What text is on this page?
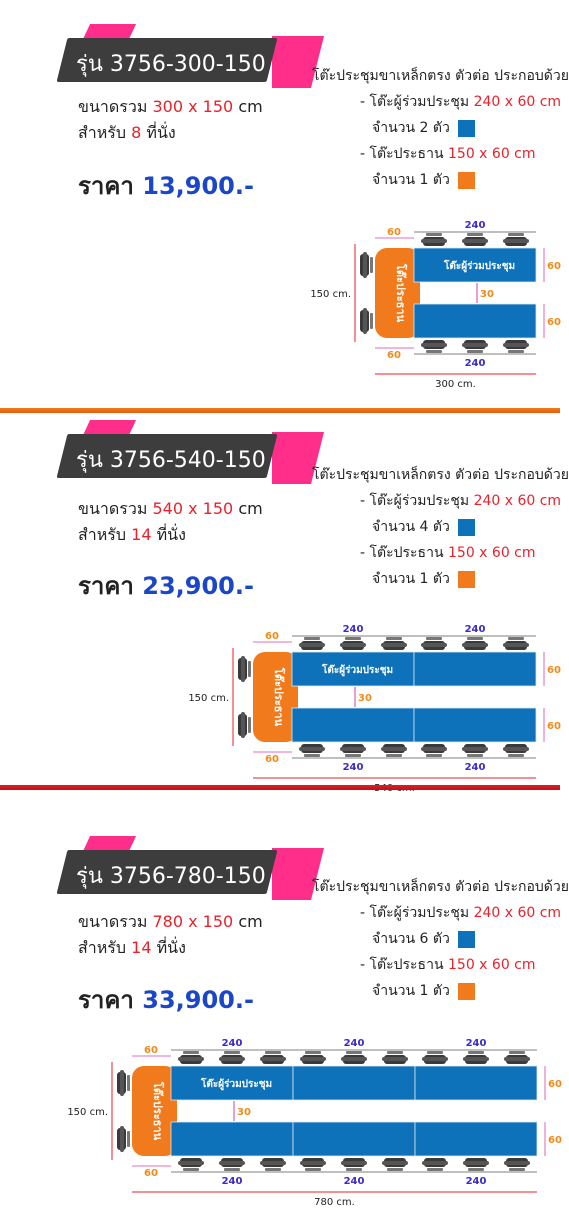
รุ่น 3756-300-150
ขนาดรวม 300 x 150 cm
สำหรับ 8 ที่นั่ง
ราคา 13,900.-
โต๊ะประชุมขาเหล็กตรง ตัวต่อ ประกอบด้วย
- โต๊ะผู้ร่วมประชุม 240 x 60 cm
จำนวน 2 ตัว
- โต๊ะประธาน 150 x 60 cm
จำนวน 1 ตัว
โต๊ะประธาน
240
240
โต๊ะผู้ร่วมประชุม
30
60
60
60
60
150 cm.
300 cm.
รุ่น 3756-540-150
ขนาดรวม 540 x 150 cm
สำหรับ 14 ที่นั่ง
ราคา 23,900.-
โต๊ะประชุมขาเหล็กตรง ตัวต่อ ประกอบด้วย
- โต๊ะผู้ร่วมประชุม 240 x 60 cm
จำนวน 4 ตัว
- โต๊ะประธาน 150 x 60 cm
จำนวน 1 ตัว
โต๊ะประธาน
240
240
240
240
โต๊ะผู้ร่วมประชุม
30
60
60
60
60
150 cm.
รุ่น 3756-780-150
ขนาดรวม 780 x 150 cm
สำหรับ 14 ที่นั่ง
ราคา 33,900.-
โต๊ะประชุมขาเหล็กตรง ตัวต่อ ประกอบด้วย
- โต๊ะผู้ร่วมประชุม 240 x 60 cm
จำนวน 6 ตัว
- โต๊ะประธาน 150 x 60 cm
จำนวน 1 ตัว
โต๊ะประธาน
240
240
240
240
240
240
โต๊ะผู้ร่วมประชุม
30
60
60
60
60
150 cm.
780 cm.
